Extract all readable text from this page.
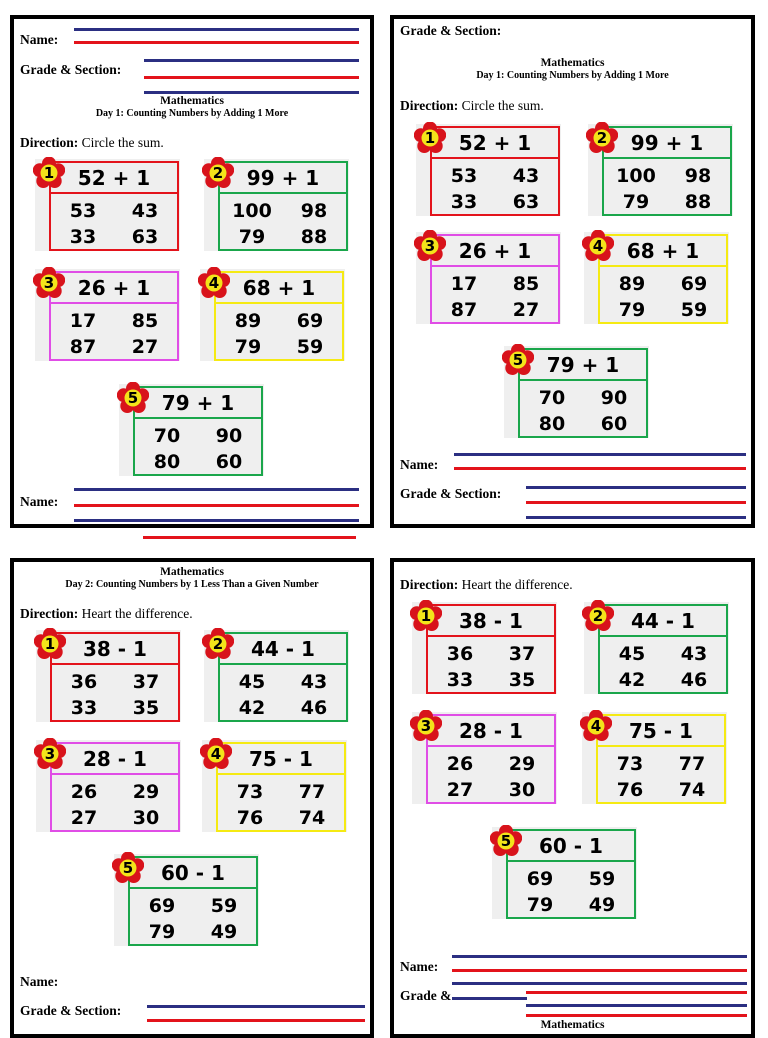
Name:
Grade & Section:
Mathematics
Day 1: Counting Numbers by Adding 1 More
Direction: Circle the sum.
Name:
52 + 1
53	43
33	63
1	99 + 1
100	98
79	88
2
26 + 1
17	85
87	27
3	68 + 1
89	69
79	59
4
79 + 1
70	90
80	60
5
Grade & Section:
Mathematics
Day 1: Counting Numbers by Adding 1 More
Direction: Circle the sum.
Name:
Grade & Section:
52 + 1
53	43
33	63
1	99 + 1
100	98
79	88
2
26 + 1
17	85
87	27
3	68 + 1
89	69
79	59
4
79 + 1
70	90
80	60
5
Mathematics
Day 2: Counting Numbers by 1 Less Than a Given Number
Direction: Heart the difference.
Name:
Grade & Section:
38 - 1
36	37
33	35
1	44 - 1
45	43
42	46
2
28 - 1
26	29
27	30
3	75 - 1
73	77
76	74
4
60 - 1
69	59
79	49
5
Direction: Heart the difference.
Name:
Grade &
Mathematics
38 - 1
36	37
33	35
1	44 - 1
45	43
42	46
2
28 - 1
26	29
27	30
3	75 - 1
73	77
76	74
4
60 - 1
69	59
79	49
5
